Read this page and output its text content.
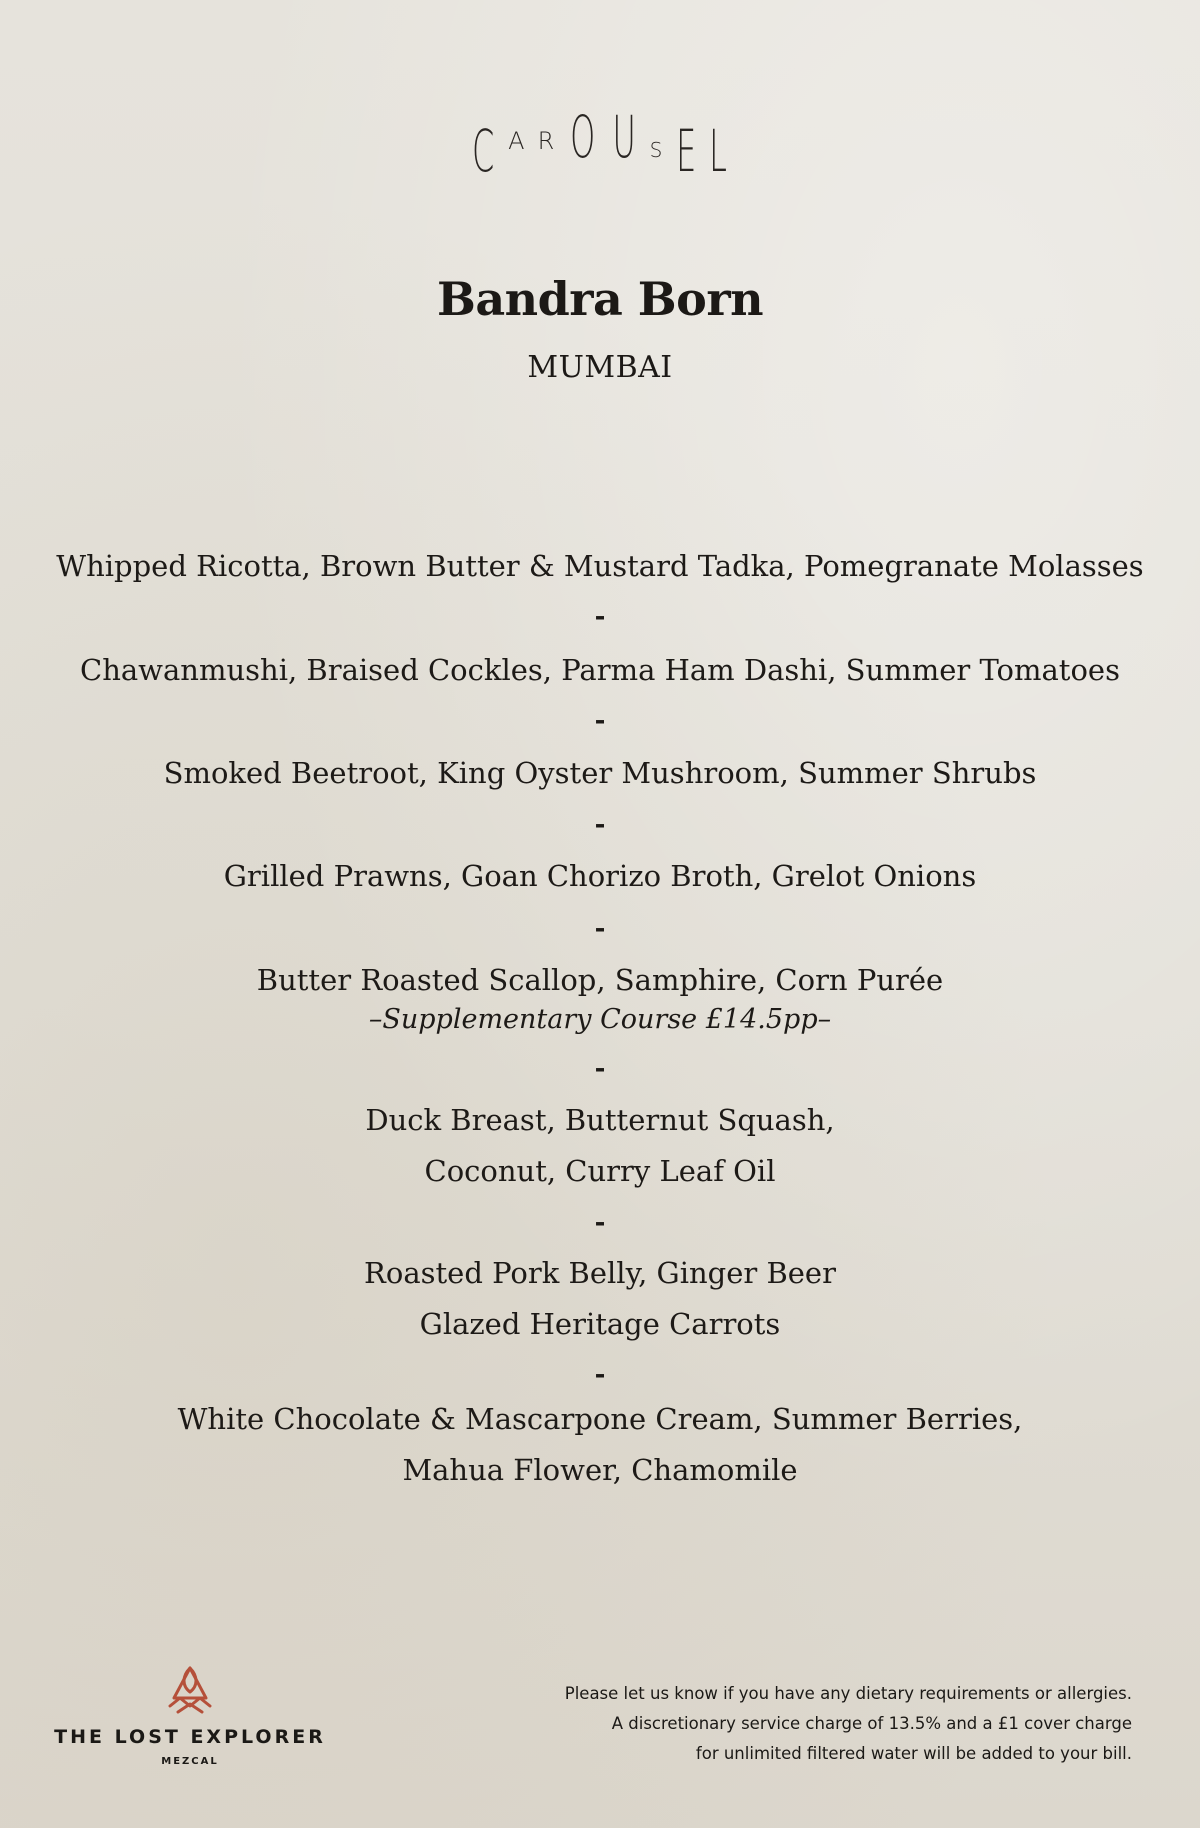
C A R O U S E L
Bandra Born
MUMBAI
Whipped Ricotta, Brown Butter & Mustard Tadka, Pomegranate Molasses
-
Chawanmushi, Braised Cockles, Parma Ham Dashi, Summer Tomatoes
-
Smoked Beetroot, King Oyster Mushroom, Summer Shrubs
-
Grilled Prawns, Goan Chorizo Broth, Grelot Onions
-
Butter Roasted Scallop, Samphire, Corn Purée
–Supplementary Course £14.5pp–
-
Duck Breast, Butternut Squash,
Coconut, Curry Leaf Oil
-
Roasted Pork Belly, Ginger Beer
Glazed Heritage Carrots
-
White Chocolate & Mascarpone Cream, Summer Berries,
Mahua Flower, Chamomile
THE LOST EXPLORER
MEZCAL
Please let us know if you have any dietary requirements or allergies.
A discretionary service charge of 13.5% and a £1 cover charge
for unlimited filtered water will be added to your bill.
